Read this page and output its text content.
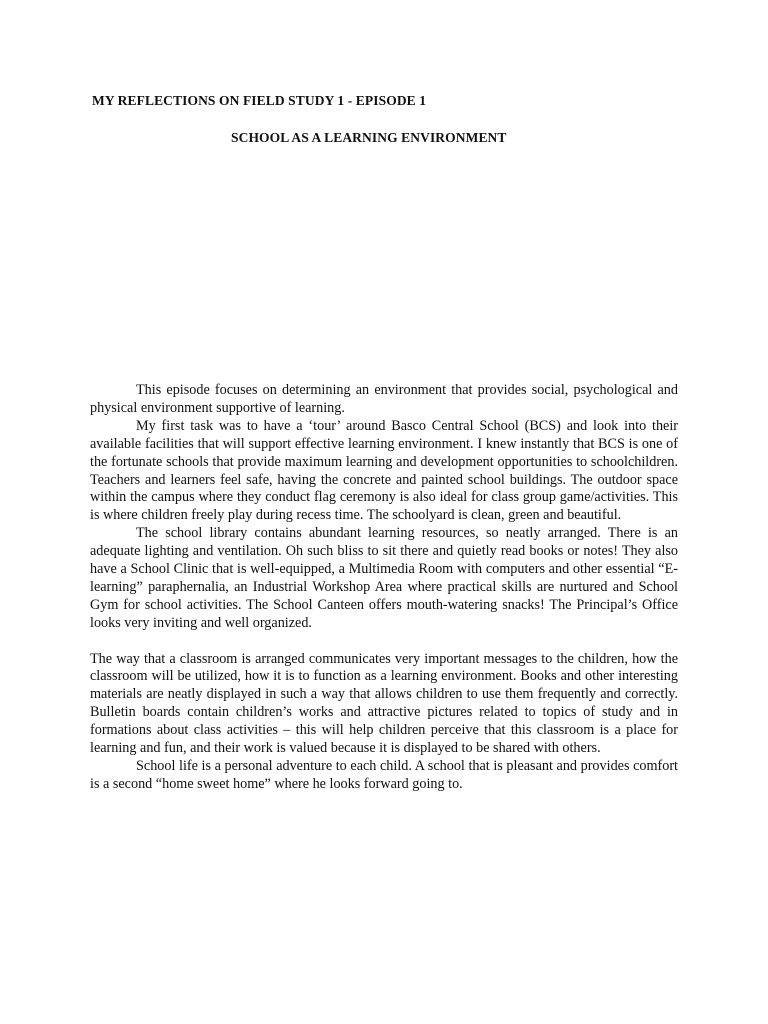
MY REFLECTIONS ON FIELD STUDY 1 - EPISODE 1
SCHOOL AS A LEARNING ENVIRONMENT

This episode focuses on determining an environment that provides social, psychological and physical environment supportive of learning.

My first task was to have a ‘tour’ around Basco Central School (BCS) and look into their available facilities that will support effective learning environment. I knew instantly that BCS is one of the fortunate schools that provide maximum learning and development opportunities to schoolchildren. Teachers and learners feel safe, having the concrete and painted school buildings. The outdoor space within the campus where they conduct flag ceremony is also ideal for class group game/activities. This is where children freely play during recess time. The schoolyard is clean, green and beautiful.

The school library contains abundant learning resources, so neatly arranged. There is an adequate lighting and ventilation. Oh such bliss to sit there and quietly read books or notes! They also have a School Clinic that is well-equipped, a Multimedia Room with computers and other essential “E-learning” paraphernalia, an Industrial Workshop Area where practical skills are nurtured and School Gym for school activities. The School Canteen offers mouth-watering snacks! The Principal’s Office looks very inviting and well organized.

The way that a classroom is arranged communicates very important messages to the children, how the classroom will be utilized, how it is to function as a learning environment. Books and other interesting materials are neatly displayed in such a way that allows children to use them frequently and correctly. Bulletin boards contain children’s works and attractive pictures related to topics of study and in formations about class activities – this will help children perceive that this classroom is a place for learning and fun, and their work is valued because it is displayed to be shared with others.

School life is a personal adventure to each child. A school that is pleasant and provides comfort is a second “home sweet home” where he looks forward going to.
